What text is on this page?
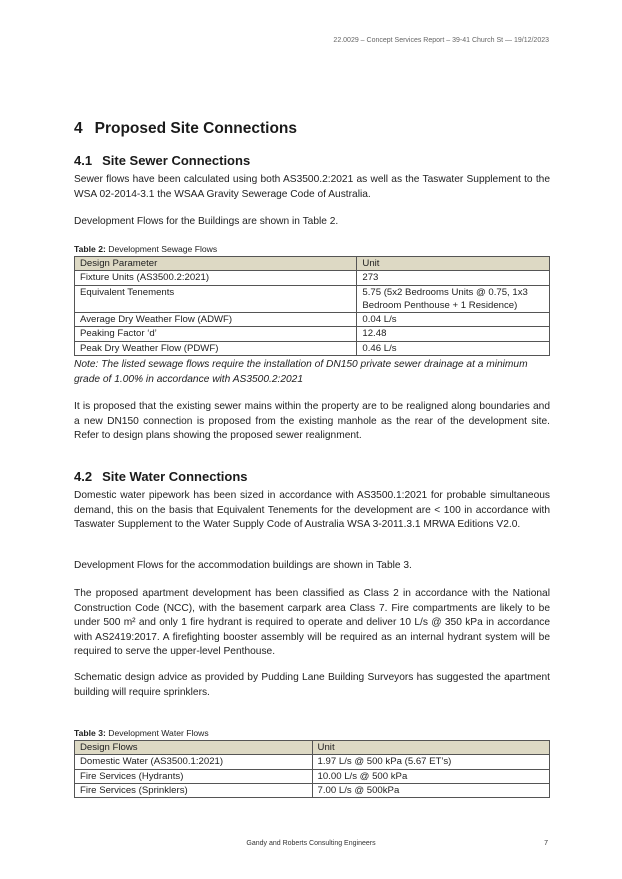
22.0029 – Concept Services Report – 39-41 Church St — 19/12/2023
4 Proposed Site Connections
4.1 Site Sewer Connections

Sewer flows have been calculated using both AS3500.2:2021 as well as the Taswater Supplement to the WSA 02-2014-3.1 the WSAA Gravity Sewerage Code of Australia.

Development Flows for the Buildings are shown in Table 2.

Table 2: Development Sewage Flows

Design Parameter	Unit
Fixture Units (AS3500.2:2021)	273
Equivalent Tenements	5.75 (5x2 Bedrooms Units @ 0.75, 1x3 Bedroom Penthouse + 1 Residence)
Average Dry Weather Flow (ADWF)	0.04 L/s
Peaking Factor ‘d’	12.48
Peak Dry Weather Flow (PDWF)	0.46 L/s

Note: The listed sewage flows require the installation of DN150 private sewer drainage at a minimum grade of 1.00% in accordance with AS3500.2:2021

It is proposed that the existing sewer mains within the property are to be realigned along boundaries and a new DN150 connection is proposed from the existing manhole as the rear of the development site. Refer to design plans showing the proposed sewer realignment.

4.2 Site Water Connections

Domestic water pipework has been sized in accordance with AS3500.1:2021 for probable simultaneous demand, this on the basis that Equivalent Tenements for the development are < 100 in accordance with Taswater Supplement to the Water Supply Code of Australia WSA 3-2011.3.1 MRWA Editions V2.0.

Development Flows for the accommodation buildings are shown in Table 3.

The proposed apartment development has been classified as Class 2 in accordance with the National Construction Code (NCC), with the basement carpark area Class 7. Fire compartments are likely to be under 500 m² and only 1 fire hydrant is required to operate and deliver 10 L/s @ 350 kPa in accordance with AS2419:2017. A firefighting booster assembly will be required as an internal hydrant system will be required to serve the upper-level Penthouse.

Schematic design advice as provided by Pudding Lane Building Surveyors has suggested the apartment building will require sprinklers.

Table 3: Development Water Flows

Design Flows	Unit
Domestic Water (AS3500.1:2021)	1.97 L/s @ 500 kPa (5.67 ET’s)
Fire Services (Hydrants)	10.00 L/s @ 500 kPa
Fire Services (Sprinklers)	7.00 L/s @ 500kPa
Gandy and Roberts Consulting Engineers	7
